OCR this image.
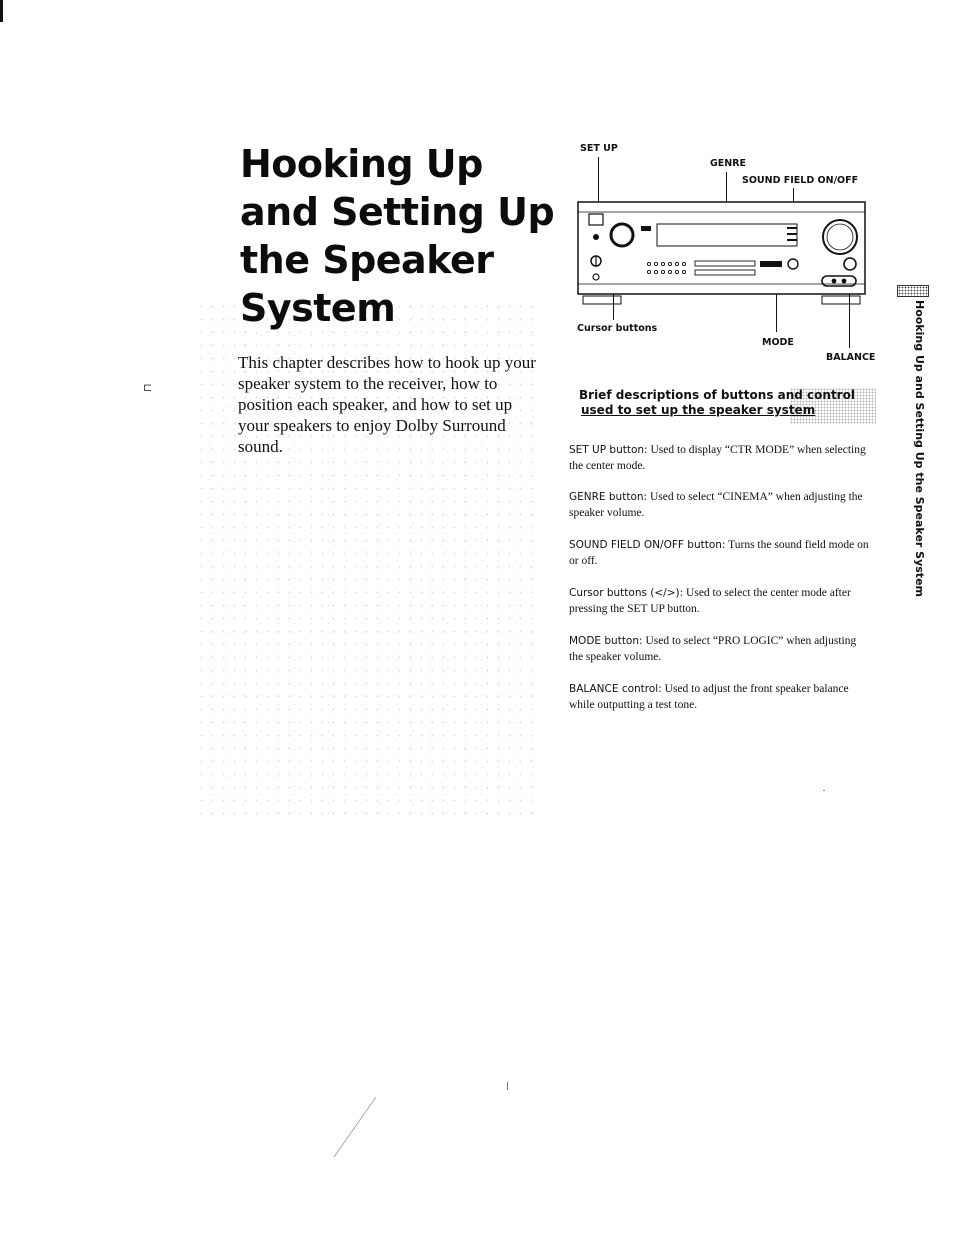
⊏
Hooking Up
and Setting Up
the Speaker
System

This chapter describes how to hook up your speaker system to the receiver, how to position each speaker, and how to set up your speakers to enjoy Dolby Surround sound.

SET UP
GENRE
SOUND FIELD ON/OFF
Cursor buttons
MODE
BALANCE
Brief descriptions of buttons and control
used to set up the speaker system
SET UP button: Used to display “CTR MODE” when selecting the center mode.
GENRE button: Used to select “CINEMA” when adjusting the speaker volume.
SOUND FIELD ON/OFF button: Turns the sound field mode on or off.
Cursor buttons (</>): Used to select the center mode after pressing the SET UP button.
MODE button: Used to select “PRO LOGIC” when adjusting the speaker volume.
BALANCE control: Used to adjust the front speaker balance while outputting a test tone.
Hooking Up and Setting Up the Speaker System
